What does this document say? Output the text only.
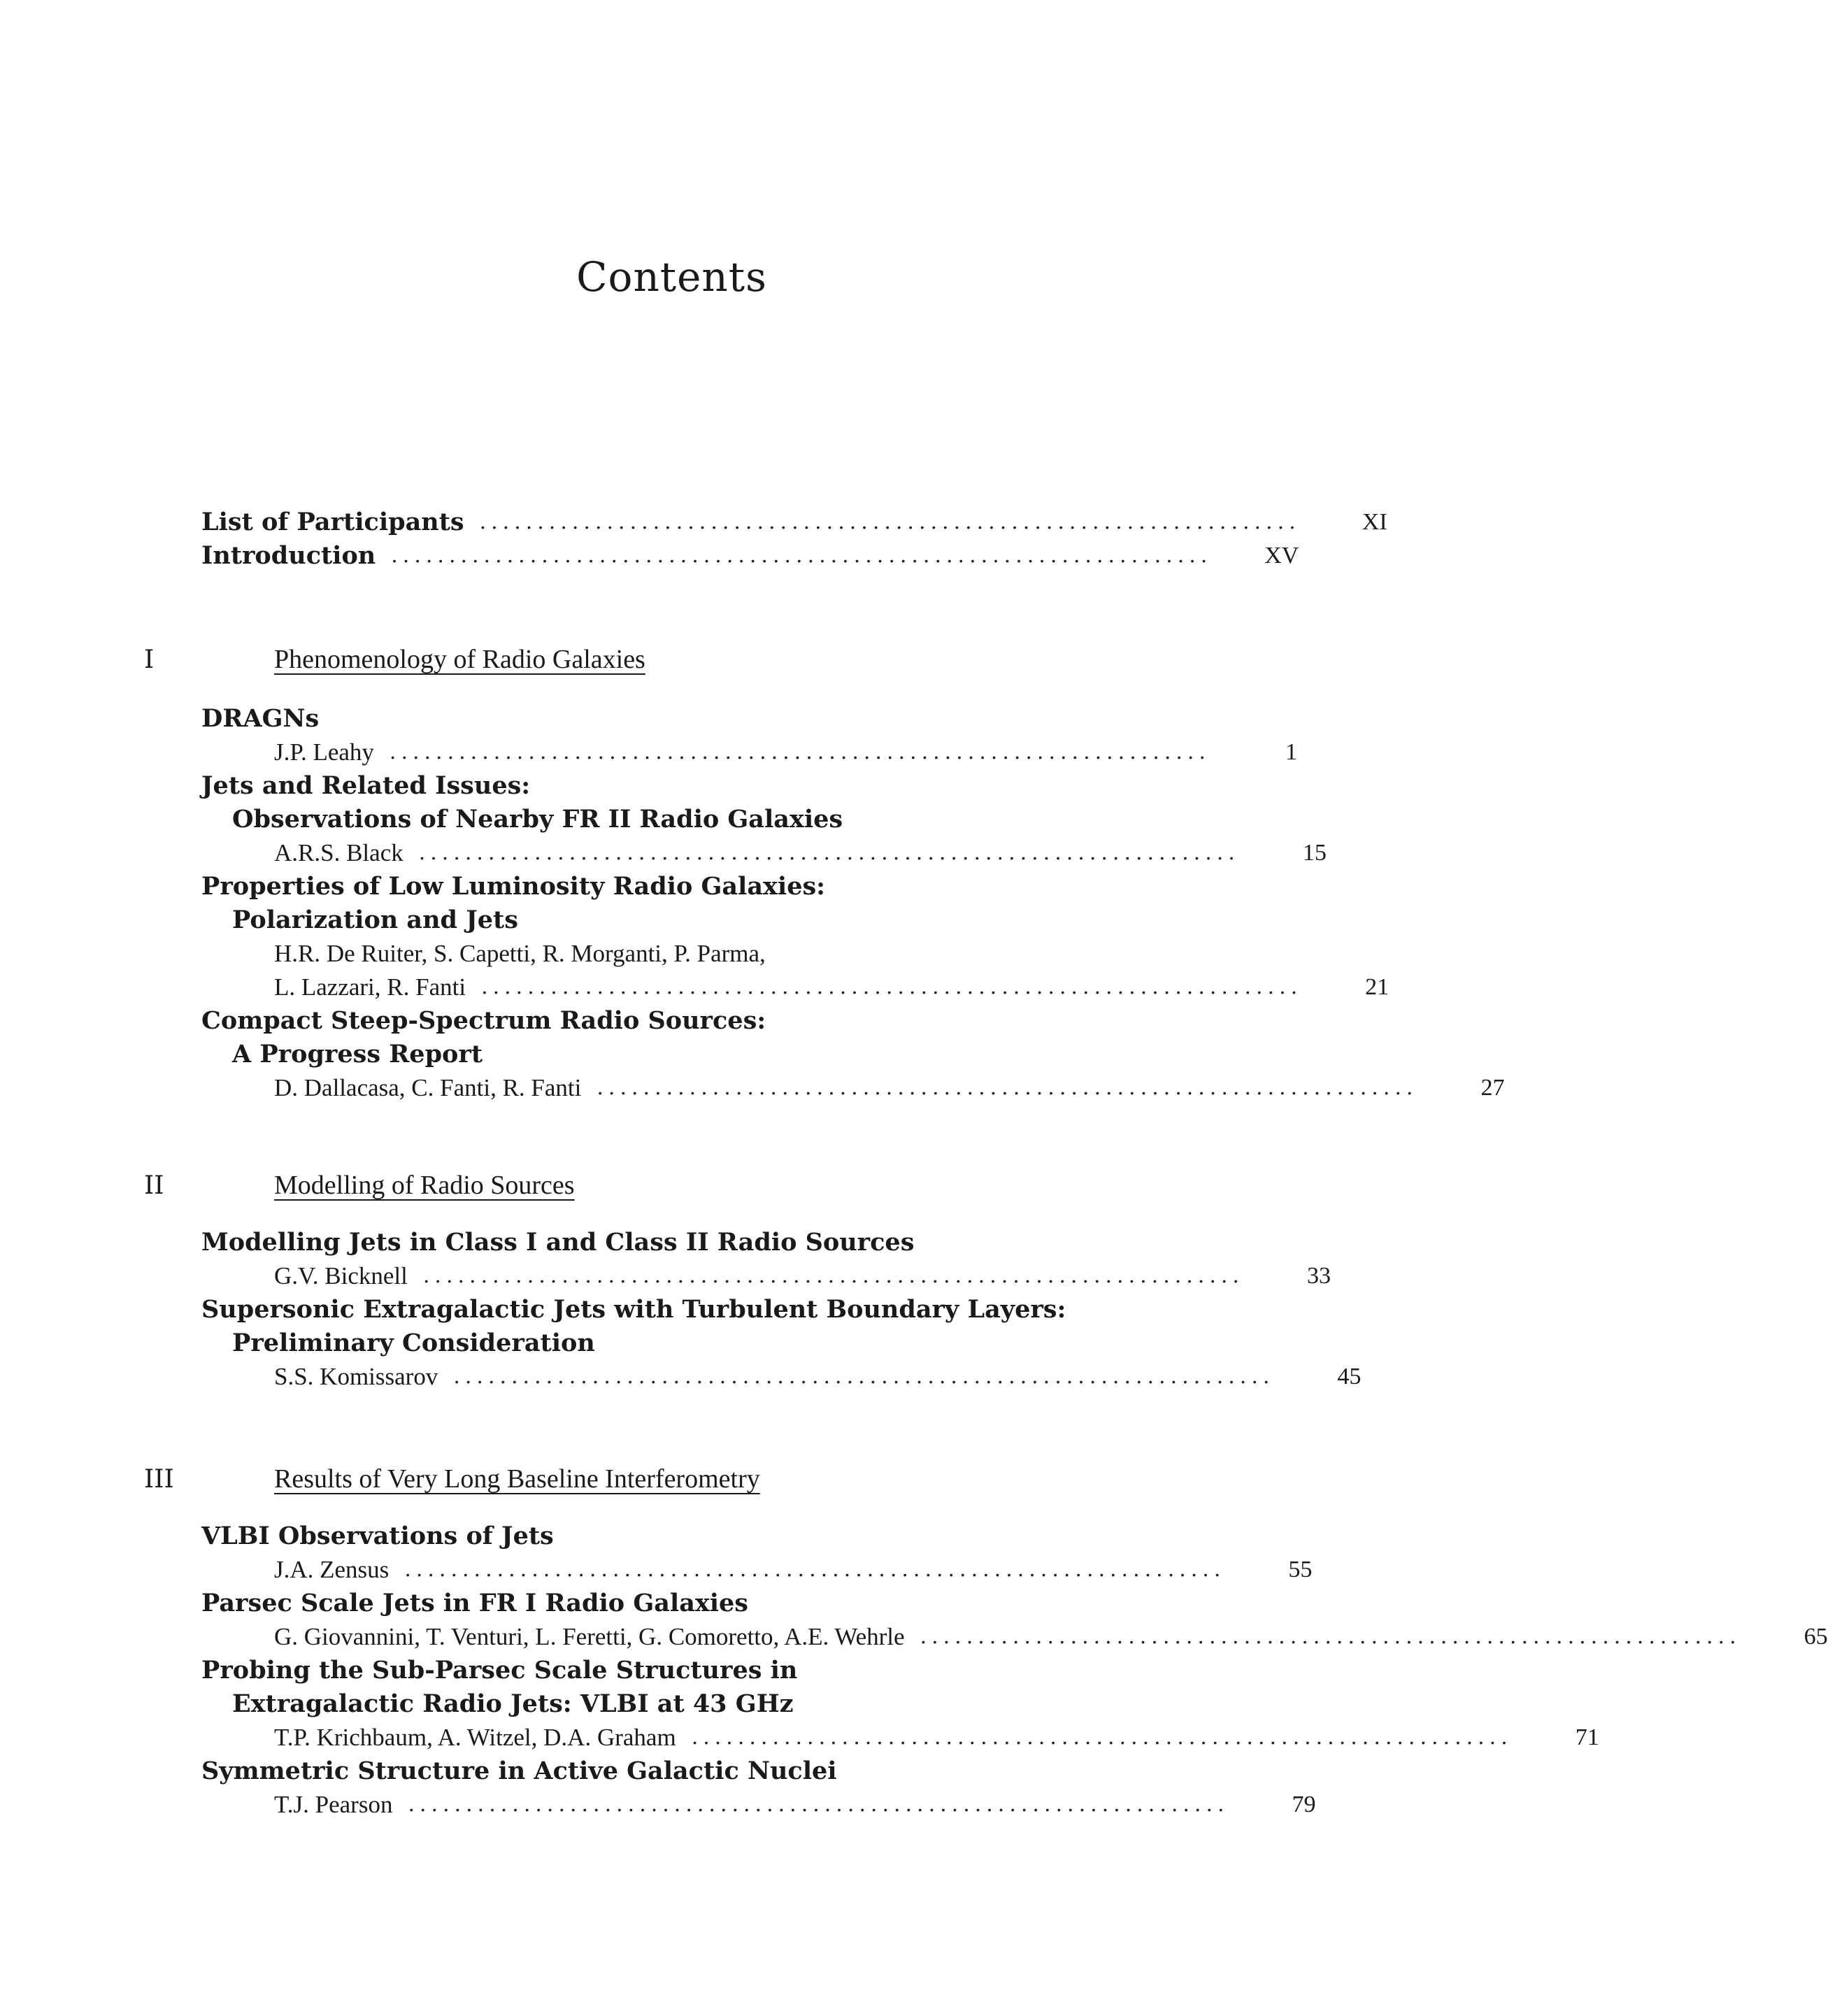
Contents
List of Participants .......................................................................	XI
Introduction .......................................................................	XV
I	Phenomenology of Radio Galaxies
DRAGNs
J.P. Leahy .......................................................................	1
Jets and Related Issues:
Observations of Nearby FR II Radio Galaxies
A.R.S. Black .......................................................................	15
Properties of Low Luminosity Radio Galaxies:
Polarization and Jets
H.R. De Ruiter, S. Capetti, R. Morganti, P. Parma,
L. Lazzari, R. Fanti .......................................................................	21
Compact Steep-Spectrum Radio Sources:
A Progress Report
D. Dallacasa, C. Fanti, R. Fanti .......................................................................	27
II	Modelling of Radio Sources
Modelling Jets in Class I and Class II Radio Sources
G.V. Bicknell .......................................................................	33
Supersonic Extragalactic Jets with Turbulent Boundary Layers:
Preliminary Consideration
S.S. Komissarov .......................................................................	45
III	Results of Very Long Baseline Interferometry
VLBI Observations of Jets
J.A. Zensus .......................................................................	55
Parsec Scale Jets in FR I Radio Galaxies
G. Giovannini, T. Venturi, L. Feretti, G. Comoretto, A.E. Wehrle .......................................................................	65
Probing the Sub-Parsec Scale Structures in
Extragalactic Radio Jets: VLBI at 43 GHz
T.P. Krichbaum, A. Witzel, D.A. Graham .......................................................................	71
Symmetric Structure in Active Galactic Nuclei
T.J. Pearson .......................................................................	79
